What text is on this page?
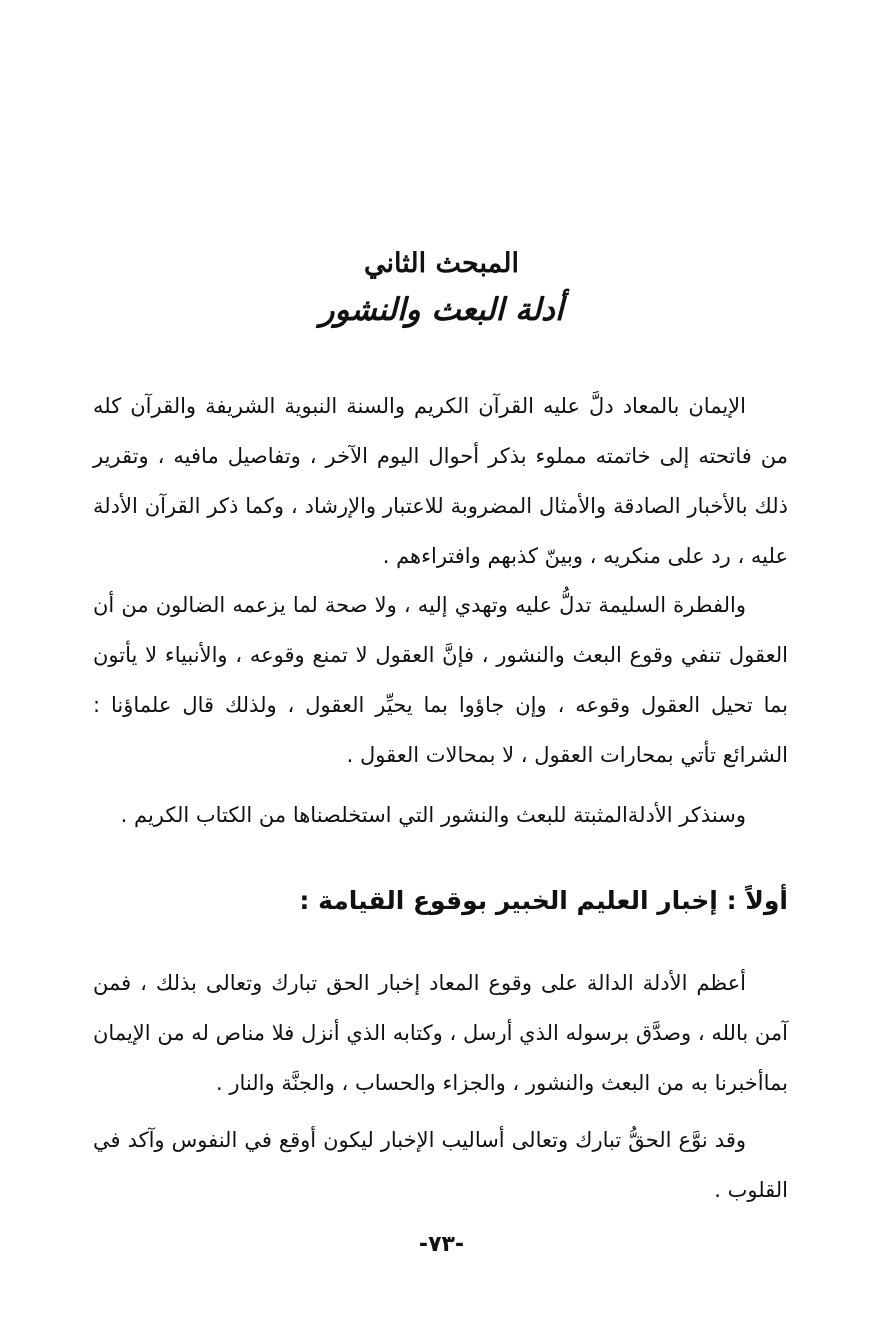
المبحث الثاني
أدلة البعث والنشور

الإيمان بالمعاد دلَّ عليه القرآن الكريم والسنة النبوية الشريفة والقرآن كله من فاتحته إلى خاتمته مملوء بذكر أحوال اليوم الآخر ، وتفاصيل مافيه ، وتقرير ذلك بالأخبار الصادقة والأمثال المضروبة للاعتبار والإرشاد ، وكما ذكر القرآن الأدلة عليه ، رد على منكريه ، وبينّ كذبهم وافتراءهم .

والفطرة السليمة تدلُّ عليه وتهدي إليه ، ولا صحة لما يزعمه الضالون من أن العقول تنفي وقوع البعث والنشور ، فإنَّ العقول لا تمنع وقوعه ، والأنبياء لا يأتون بما تحيل العقول وقوعه ، وإن جاؤوا بما يحيِّر العقول ، ولذلك قال علماؤنا : الشرائع تأتي بمحارات العقول ، لا بمحالات العقول .

وسنذكر الأدلةالمثبتة للبعث والنشور التي استخلصناها من الكتاب الكريم .

أولاً : إخبار العليم الخبير بوقوع القيامة :

أعظم الأدلة الدالة على وقوع المعاد إخبار الحق تبارك وتعالى بذلك ، فمن آمن بالله ، وصدَّق برسوله الذي أرسل ، وكتابه الذي أنزل فلا مناص له من الإيمان بماأخبرنا به من البعث والنشور ، والجزاء والحساب ، والجنَّة والنار .

وقد نوَّع الحقُّ تبارك وتعالى أساليب الإخبار ليكون أوقع في النفوس وآكد في القلوب .

-٧٣-
